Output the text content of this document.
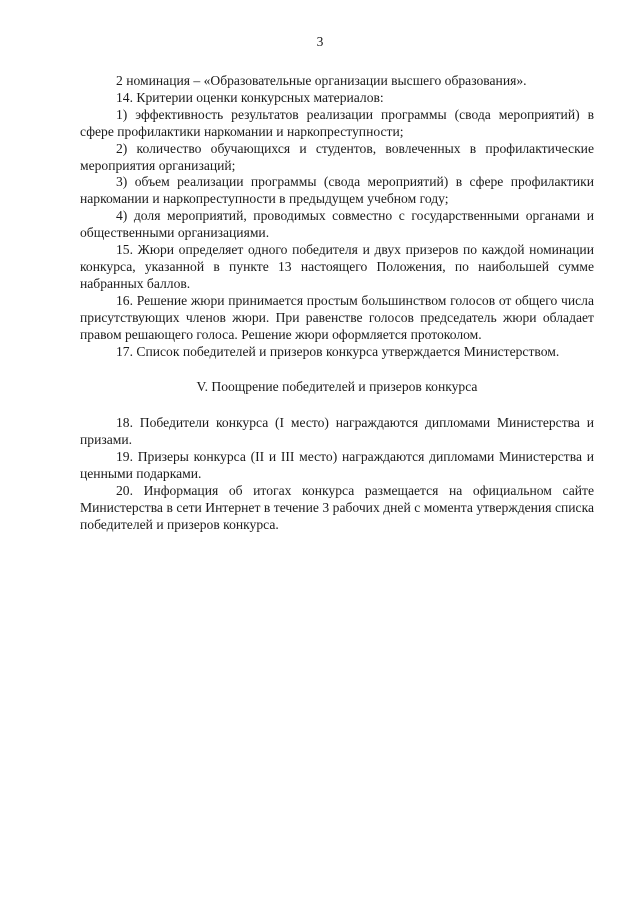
3

2 номинация – «Образовательные организации высшего образования».

14. Критерии оценки конкурсных материалов:

1) эффективность результатов реализации программы (свода мероприятий) в сфере профилактики наркомании и наркопреступности;

2) количество обучающихся и студентов, вовлеченных в профилактические мероприятия организаций;

3) объем реализации программы (свода мероприятий) в сфере профилактики наркомании и наркопреступности в предыдущем учебном году;

4) доля мероприятий, проводимых совместно с государственными органами и общественными организациями.

15. Жюри определяет одного победителя и двух призеров по каждой номинации конкурса, указанной в пункте 13 настоящего Положения, по наибольшей сумме набранных баллов.

16. Решение жюри принимается простым большинством голосов от общего числа присутствующих членов жюри. При равенстве голосов председатель жюри обладает правом решающего голоса. Решение жюри оформляется протоколом.

17. Список победителей и призеров конкурса утверждается Министерством.

V. Поощрение победителей и призеров конкурса

18. Победители конкурса (I место) награждаются дипломами Министерства и призами.

19. Призеры конкурса (II и III место) награждаются дипломами Министерства и ценными подарками.

20. Информация об итогах конкурса размещается на официальном сайте Министерства в сети Интернет в течение 3 рабочих дней с момента утверждения списка победителей и призеров конкурса.
